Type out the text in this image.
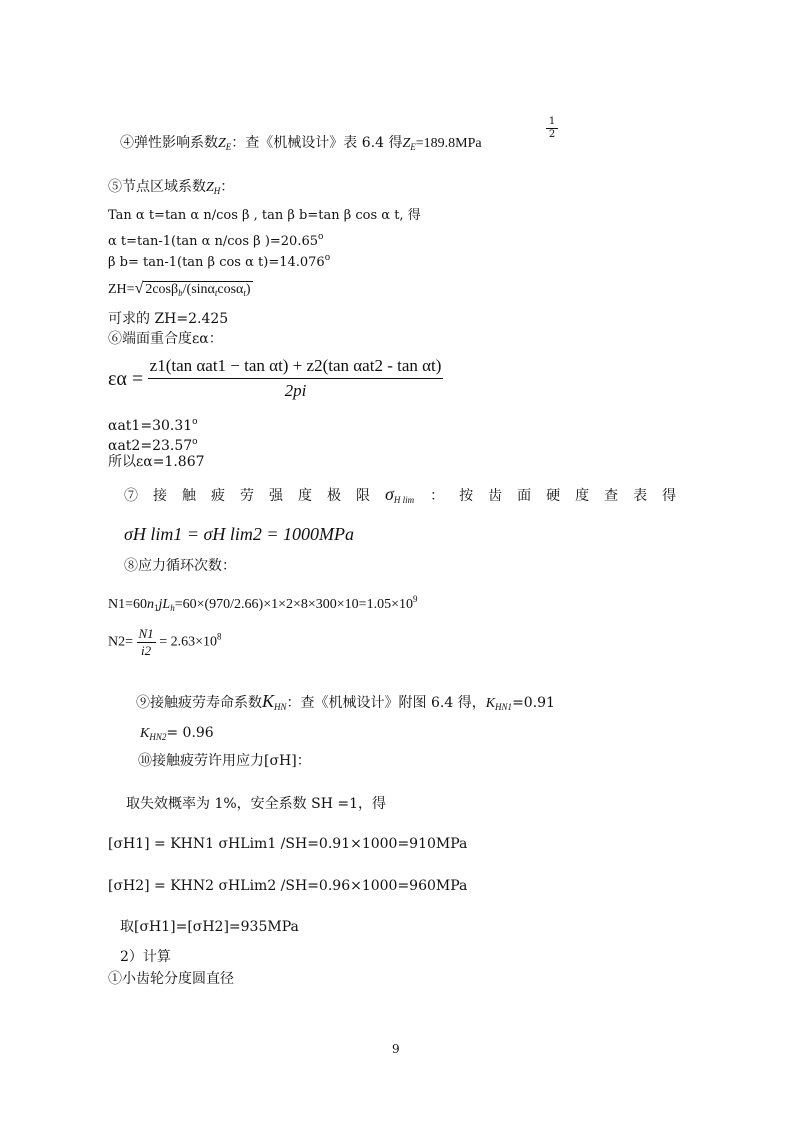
④弹性影响系数$Z_E$：查《机械设计》表 6.4 得$Z_E=189.8MPa$
$\frac{1}{2}$
⑤节点区域系数$Z_H$：
Tan α t=tan α n/cos β , tan β b=tan β cos α t, 得
α t=tan-1(tan α n/cos β )$=20.65^o$
β b= tan-1(tan β cos α $t)=14.076^o$
ZH=√ 2cosβ$_b$/(sinα$_t$cosα$_t$)
可求的 ZH=2.425
⑥端面重合度εα：
$\varepsilon\alpha = \frac{\text{z1(tan αat1 − tan αt) + z2(tan αat2 - tan αt)}}{2pi}$
$\alpha at1=30.31^o$
$\alpha at2=23.57^o$
所以εα=1.867
⑦接触疲劳强度极限$\sigma_{H lim}$ ：按齿面硬度查表得
σH lim1 = σH lim2 = 1000MPa
⑧应力循环次数：
$N1=60n_1jL_h=60\times(970/2.66)\times 1\times 2\times 8\times 300\times 10=1.05\times 10^9$
$N2= \frac{N1}{i2} = 2.63\times 10^8$
⑨接触疲劳寿命系数$K_{HN}$：查《机械设计》附图 6.4 得，$K_{HN1}=0.91$
$K_{HN2}= 0.96$
⑩接触疲劳许用应力[σH]：
取失效概率为 1%，安全系数 SH =1，得
[σH1] = KHN1 σHLim1 /SH=0.91×1000=910MPa
[σH2] = KHN2 σHLim2 /SH=0.96×1000=960MPa
取[σH1]=[σH2]=935MPa
2）计算
①小齿轮分度圆直径
9
